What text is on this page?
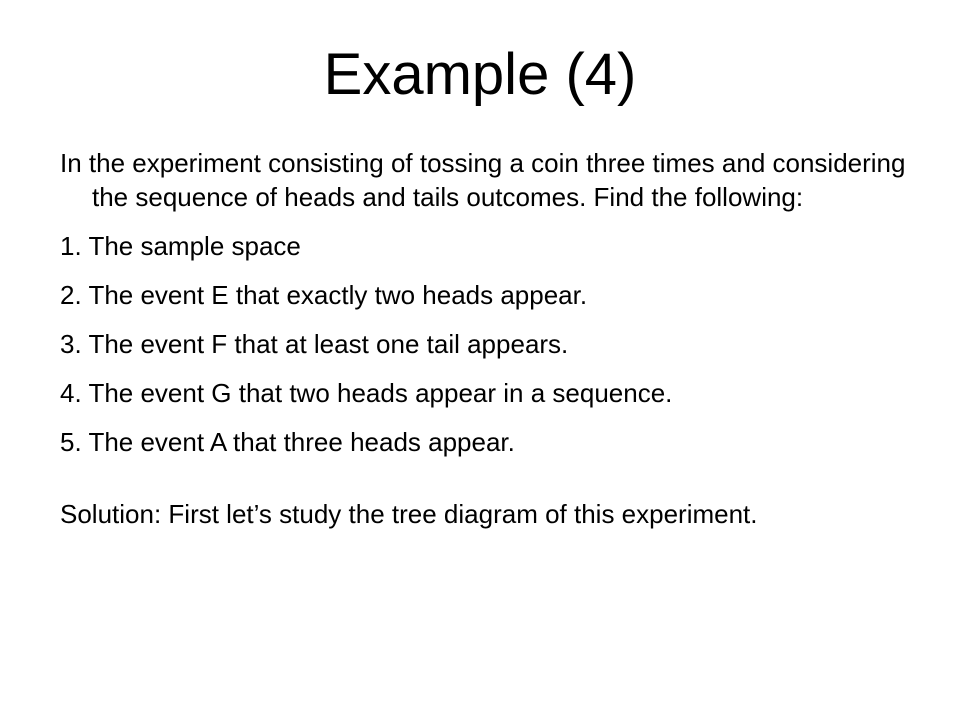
Example (4)

In the experiment consisting of tossing a coin three times and considering the sequence of heads and tails outcomes. Find the following:

1. The sample space

2. The event E that exactly two heads appear.

3. The event F that at least one tail appears.

4. The event G that two heads appear in a sequence.

5. The event A that three heads appear.

Solution: First let’s study the tree diagram of this experiment.
